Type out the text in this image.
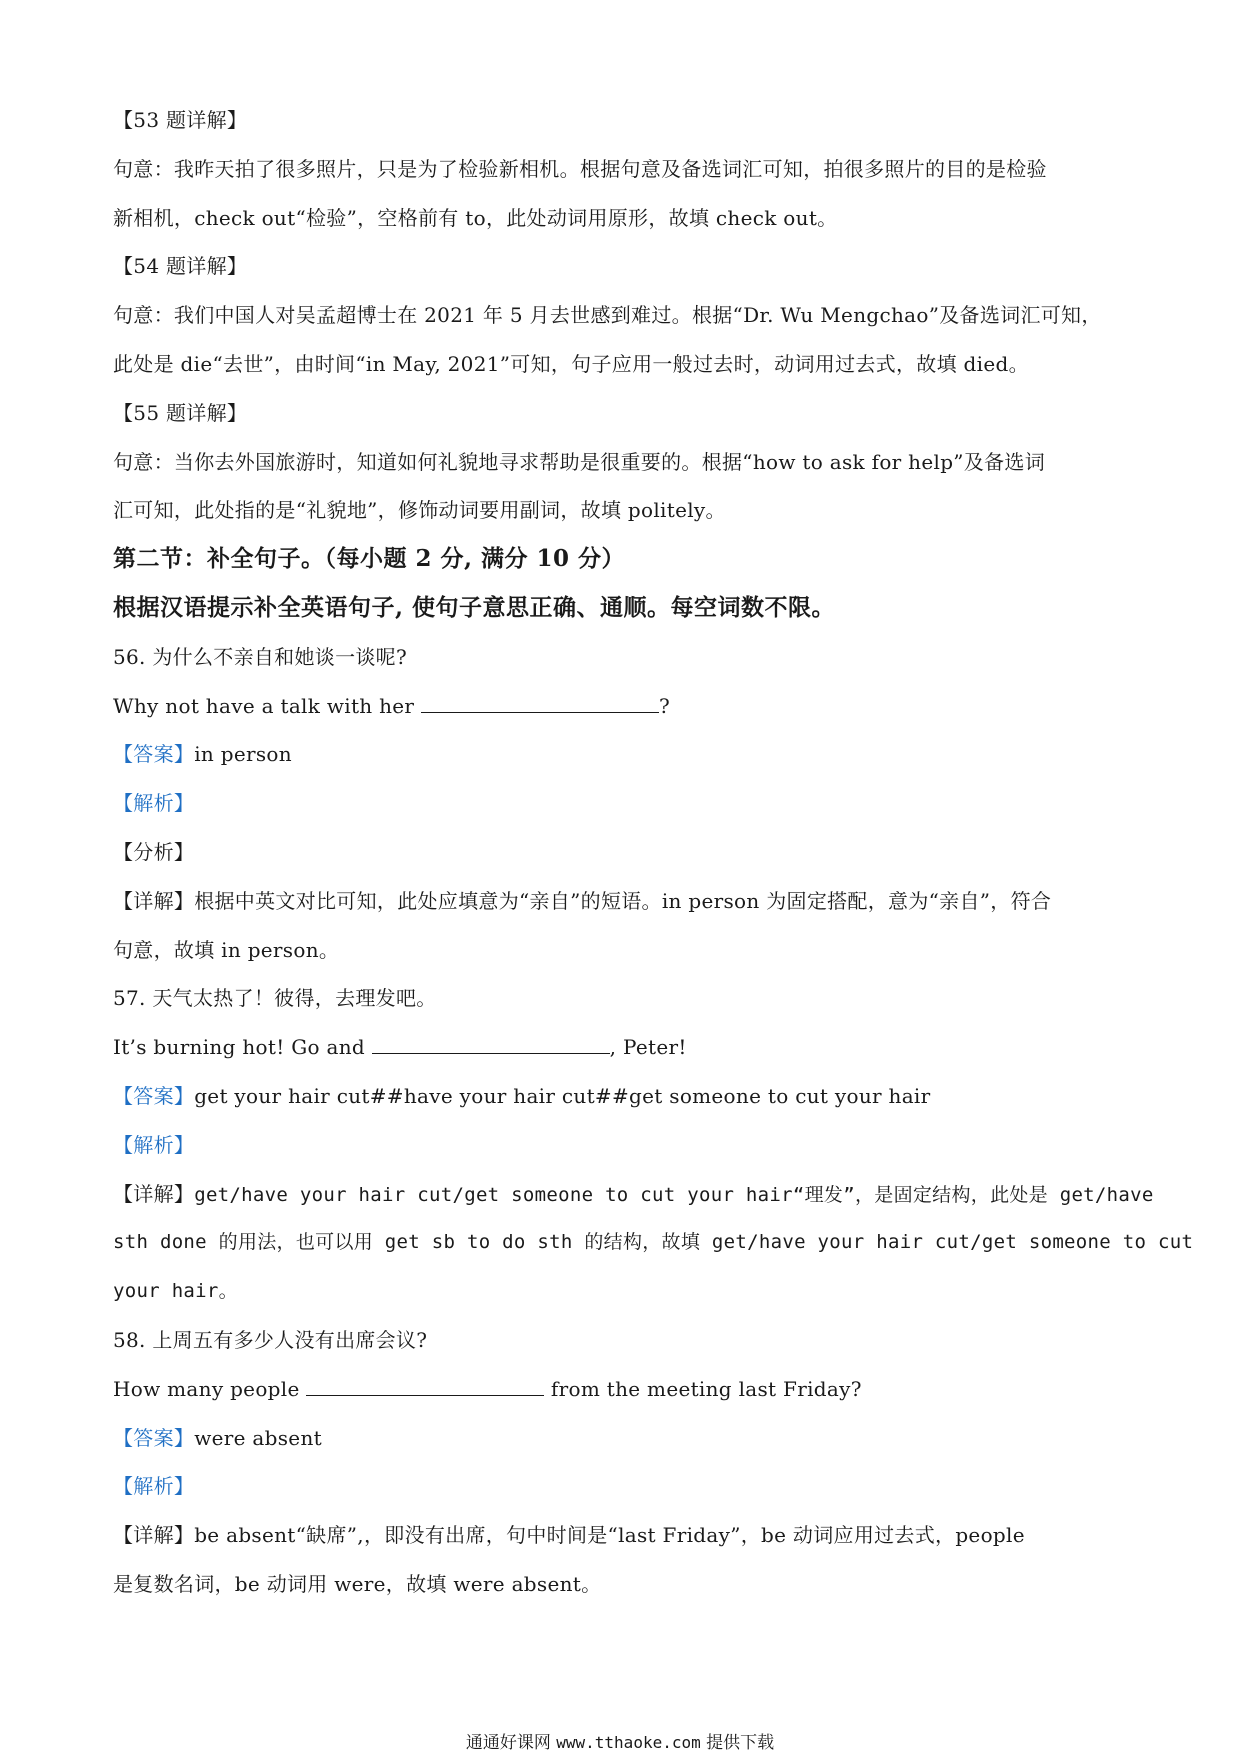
【53 题详解】
句意：我昨天拍了很多照片，只是为了检验新相机。根据句意及备选词汇可知，拍很多照片的目的是检验
新相机，check out“检验”，空格前有 to，此处动词用原形，故填 check out。
【54 题详解】
句意：我们中国人对吴孟超博士在 2021 年 5 月去世感到难过。根据“Dr. Wu Mengchao”及备选词汇可知，
此处是 die“去世”，由时间“in May, 2021”可知，句子应用一般过去时，动词用过去式，故填 died。
【55 题详解】
句意：当你去外国旅游时，知道如何礼貌地寻求帮助是很重要的。根据“how to ask for help”及备选词
汇可知，此处指的是“礼貌地”，修饰动词要用副词，故填 politely。
第二节：补全句子。（每小题 2 分, 满分 10 分）
根据汉语提示补全英语句子, 使句子意思正确、通顺。每空词数不限。
56. 为什么不亲自和她谈一谈呢?
Why not have a talk with her	?
【答案】in person
【解析】
【分析】
【详解】根据中英文对比可知，此处应填意为“亲自”的短语。in person 为固定搭配，意为“亲自”，符合
句意，故填 in person。
57. 天气太热了！彼得，去理发吧。
It’s burning hot! Go and	, Peter!
【答案】get your hair cut##have your hair cut##get someone to cut your hair
【解析】
【详解】get/have your hair cut/get someone to cut your hair“理发”，是固定结构，此处是 get/have
sth done 的用法，也可以用 get sb to do sth 的结构，故填 get/have your hair cut/get someone to cut
your hair。
58. 上周五有多少人没有出席会议?
How many people	from the meeting last Friday?
【答案】were absent
【解析】
【详解】be absent“缺席”,，即没有出席，句中时间是“last Friday”，be 动词应用过去式，people
是复数名词，be 动词用 were，故填 were absent。
通通好课网 www.tthaoke.com 提供下载
